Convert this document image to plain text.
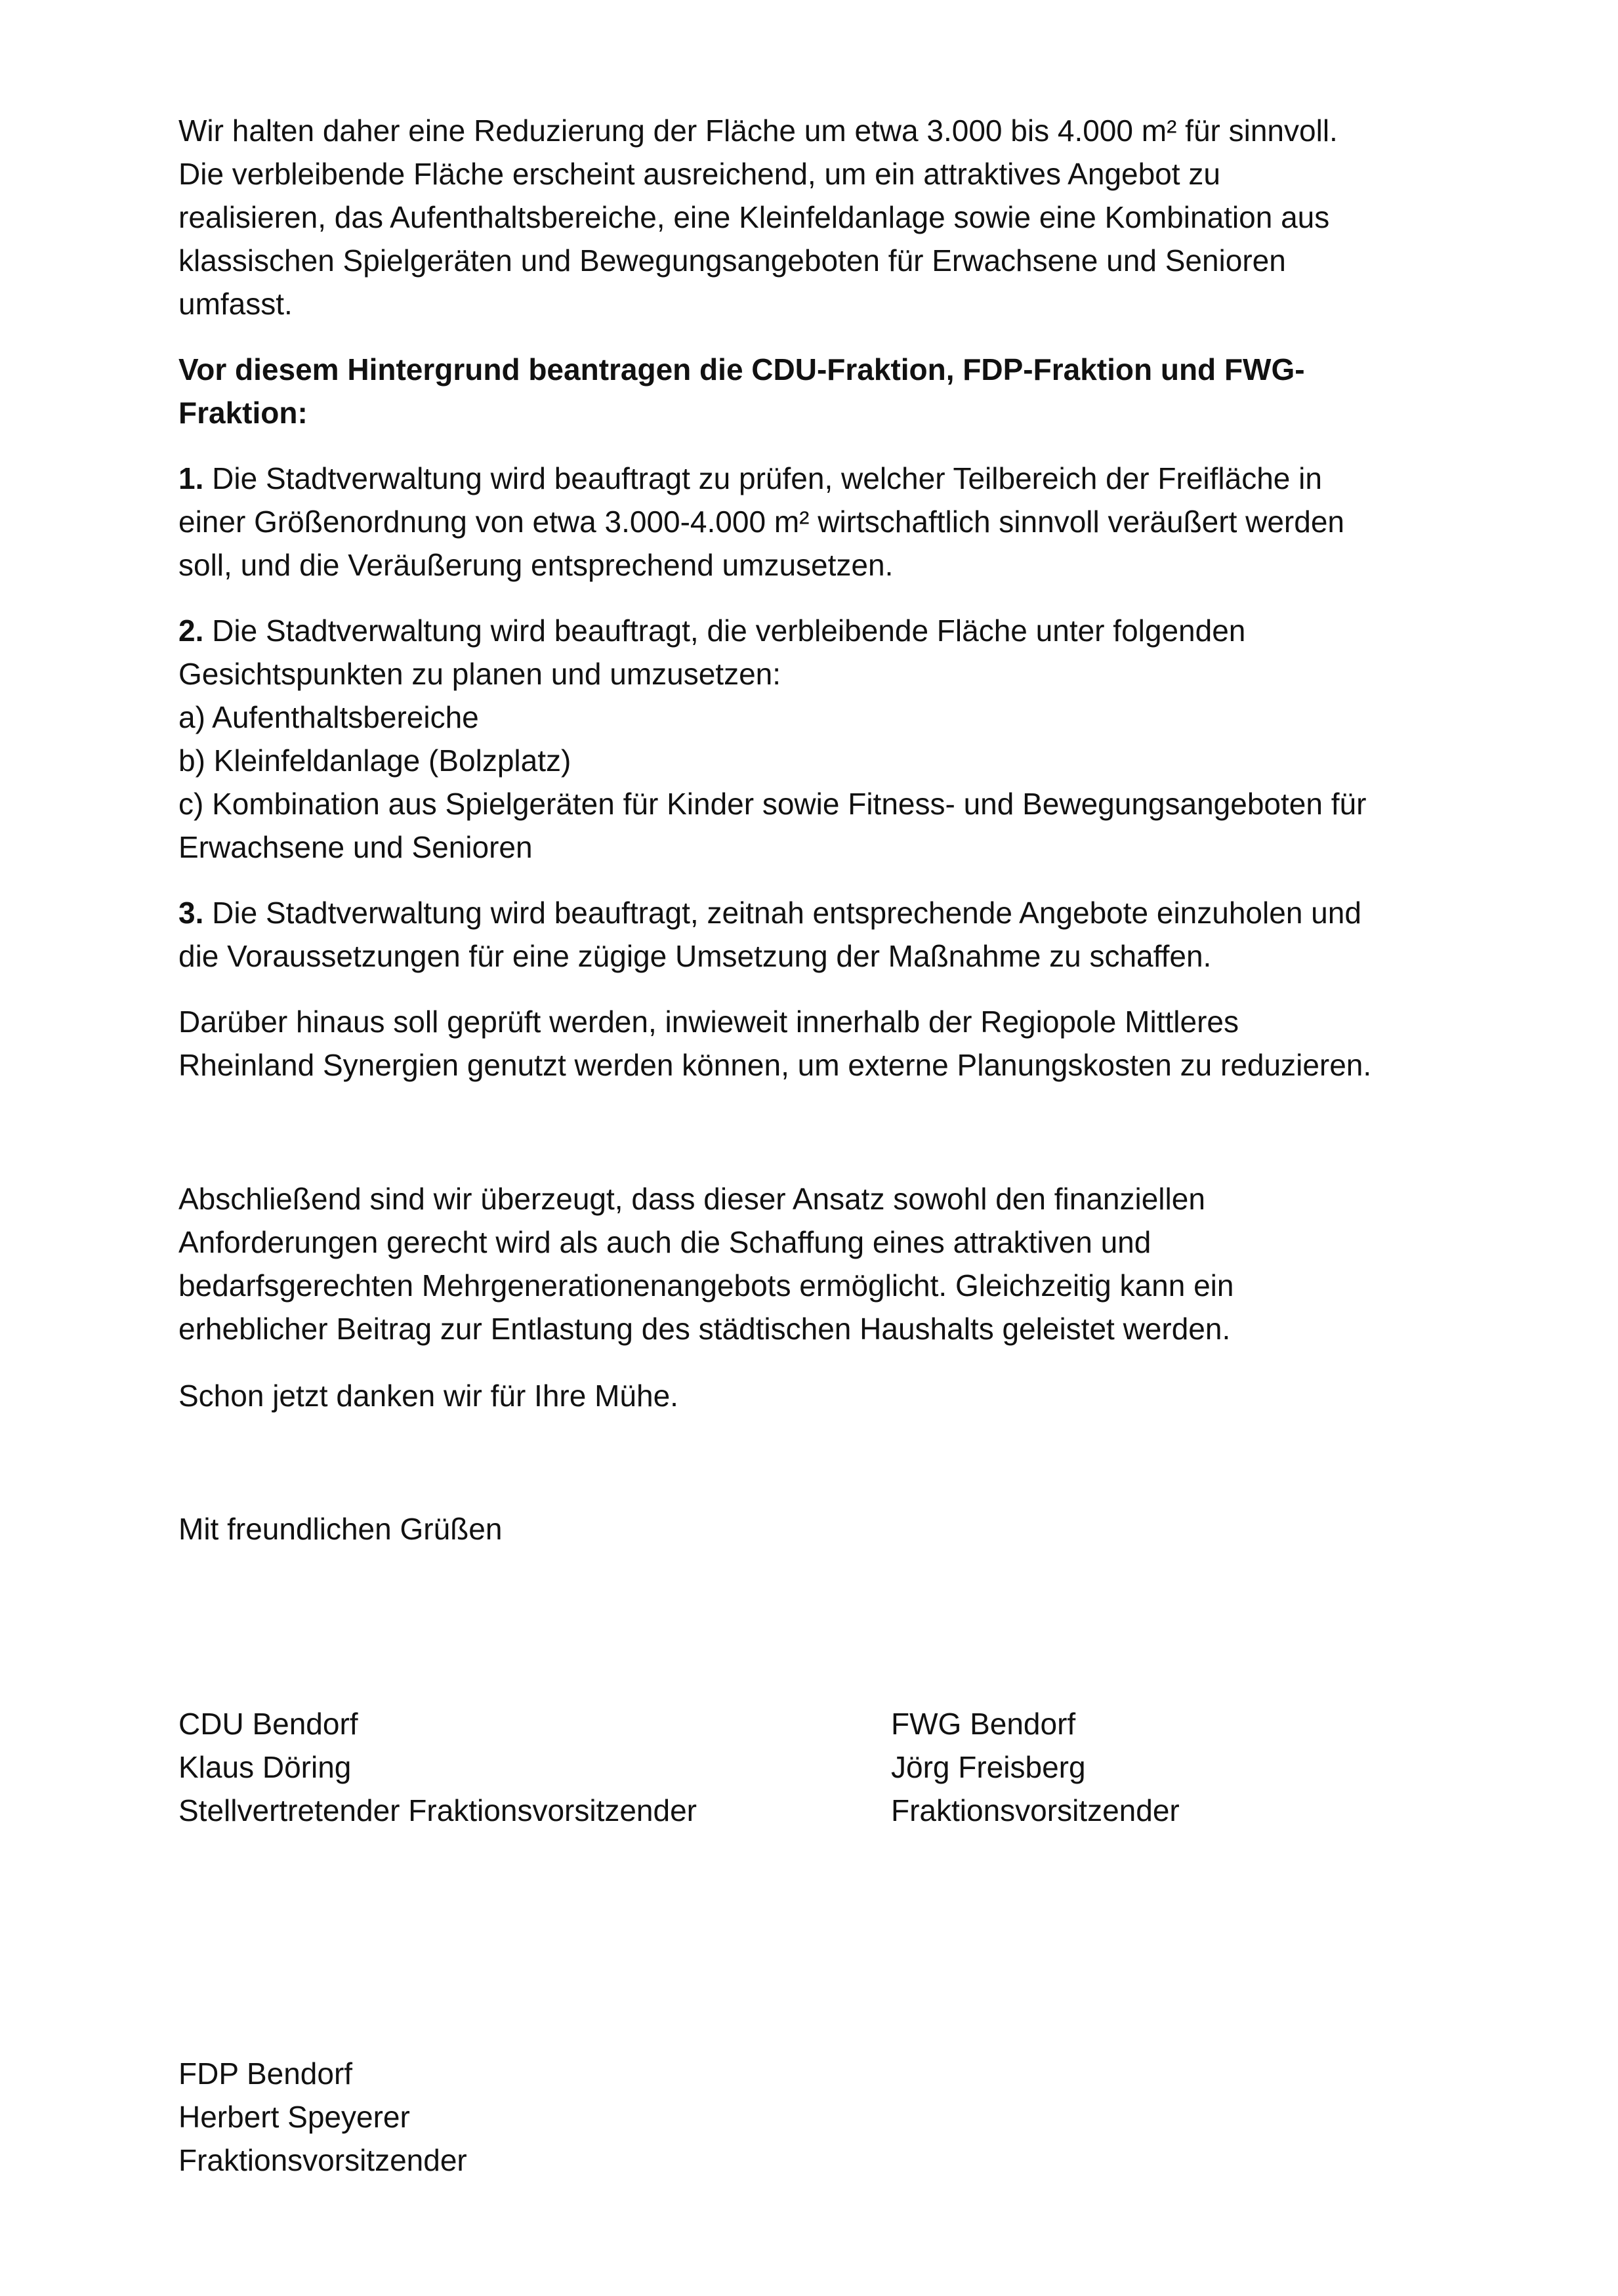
Wir halten daher eine Reduzierung der Fläche um etwa 3.000 bis 4.000 m² für sinnvoll.
Die verbleibende Fläche erscheint ausreichend, um ein attraktives Angebot zu
realisieren, das Aufenthaltsbereiche, eine Kleinfeldanlage sowie eine Kombination aus
klassischen Spielgeräten und Bewegungsangeboten für Erwachsene und Senioren
umfasst.

Vor diesem Hintergrund beantragen die CDU-Fraktion, FDP-Fraktion und FWG-
Fraktion:

1. Die Stadtverwaltung wird beauftragt zu prüfen, welcher Teilbereich der Freifläche in
einer Größenordnung von etwa 3.000-4.000 m² wirtschaftlich sinnvoll veräußert werden
soll, und die Veräußerung entsprechend umzusetzen.

2. Die Stadtverwaltung wird beauftragt, die verbleibende Fläche unter folgenden
Gesichtspunkten zu planen und umzusetzen:
a) Aufenthaltsbereiche
b) Kleinfeldanlage (Bolzplatz)
c) Kombination aus Spielgeräten für Kinder sowie Fitness- und Bewegungsangeboten für
Erwachsene und Senioren

3. Die Stadtverwaltung wird beauftragt, zeitnah entsprechende Angebote einzuholen und
die Voraussetzungen für eine zügige Umsetzung der Maßnahme zu schaffen.

Darüber hinaus soll geprüft werden, inwieweit innerhalb der Regiopole Mittleres
Rheinland Synergien genutzt werden können, um externe Planungskosten zu reduzieren.

Abschließend sind wir überzeugt, dass dieser Ansatz sowohl den finanziellen
Anforderungen gerecht wird als auch die Schaffung eines attraktiven und
bedarfsgerechten Mehrgenerationenangebots ermöglicht. Gleichzeitig kann ein
erheblicher Beitrag zur Entlastung des städtischen Haushalts geleistet werden.
Schon jetzt danken wir für Ihre Mühe.
Mit freundlichen Grüßen
CDU Bendorf
Klaus Döring
Stellvertretender Fraktionsvorsitzender
FWG Bendorf
Jörg Freisberg
Fraktionsvorsitzender
FDP Bendorf
Herbert Speyerer
Fraktionsvorsitzender
